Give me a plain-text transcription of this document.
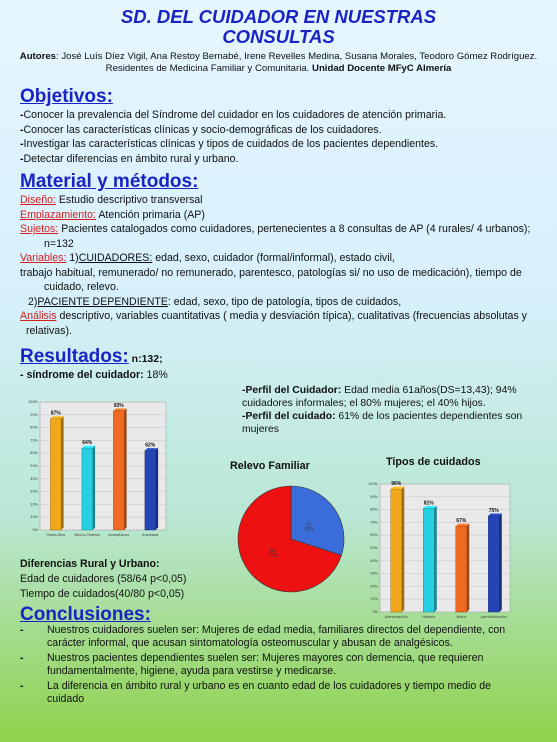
SD. DEL CUIDADOR EN NUESTRAS
CONSULTAS
Autores: José Luís Díez Vigil, Ana Restoy Bernabé, Irene Revelles Medina, Susana Morales, Teodoro Gómez Rodríguez. Residentes de Medicina Familiar y Comunitaria. Unidad Docente MFyC Almería
Objetivos:
-Conocer la prevalencia del Síndrome del cuidador en los cuidadores de atención primaria.
-Conocer las características clínicas y socio-demográficas de los cuidadores.
-Investigar las características clínicas y tipos de cuidados de los pacientes dependientes.
-Detectar diferencias en ámbito rural y urbano.
Material y métodos:
Diseño: Estudio descriptivo transversal
Emplazamiento: Atención primaria (AP)
Sujetos: Pacientes catalogados como cuidadores, pertenecientes a 8 consultas de AP (4 rurales/ 4 urbanos); n=132
Variables: 1)CUIDADORES: edad, sexo, cuidador (formal/informal), estado civil,
trabajo habitual, remunerado/ no remunerado, parentesco, patologías si/ no uso de medicación), tiempo de cuidado, relevo.
2)PACIENTE DEPENDIENTE: edad, sexo, tipo de patología, tipos de cuidados,
Análisis descriptivo, variables cuantitativas ( media y desviación típica), cualitativas (frecuencias absolutas y relativas).
Resultados: n:132;
- síndrome del cuidador: 18%
0%
10%
20%
30%
40%
50%
60%
70%
80%
90%
100%
87%
Osteo-Mus
64%
Neuro-Cérebro
93%
Analgésicos
62%
Ansiedad
-Perfil del Cuidador: Edad media 61años(DS=13,43); 94% cuidadores informales; el 80% mujeres; el 40% hijos.
-Perfil del cuidado: 61% de los pacientes dependientes son mujeres
Relevo Familiar	Tipos de cuidados
Sí
30%
No
70%
0%
10%
20%
30%
40%
50%
60%
70%
80%
90%
100%	96%
Alimentación
81%
Higiene
67%
Vestir
75%
Administración
Diferencias Rural y Urbano:
Edad de cuidadores (58/64 p<0,05)
Tiempo de cuidados(40/80 p<0,05)
Conclusiones:
- Nuestros cuidadores suelen ser: Mujeres de edad media, familiares directos del dependiente, con carácter informal, que acusan sintomatología osteomuscular y abusan de analgésicos.
- Nuestros pacientes dependientes suelen ser: Mujeres mayores con demencia, que requieren fundamentalmente, higiene, ayuda para vestirse y medicarse.
- La diferencia en ámbito rural y urbano es en cuanto edad de los cuidadores y tiempo medio de cuidado
